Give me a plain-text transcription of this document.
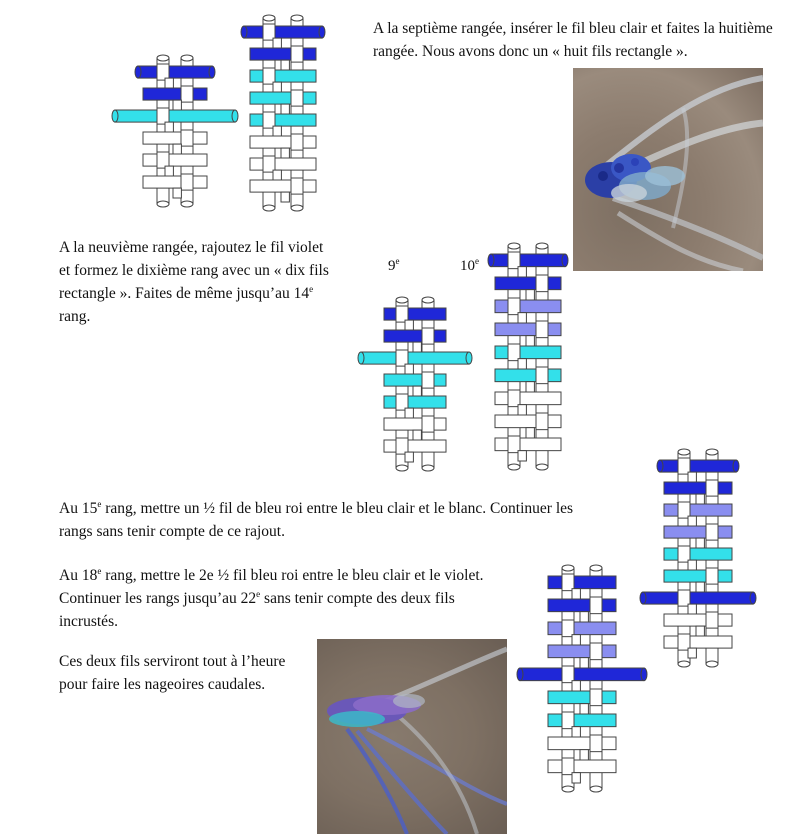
A la septième rangée, insérer le fil bleu clair et faites la huitième rangée. Nous avons donc un « huit fils rectangle ».

A la neuvième rangée, rajoutez le fil violet et formez le dixième rang avec un « dix fils rectangle ». Faites de même jusqu’au 14e rang.

Au 15e rang, mettre un ½ fil de bleu roi entre le bleu clair et le blanc. Continuer les rangs sans tenir compte de ce rajout.

Au 18e rang, mettre le 2e ½ fil bleu roi entre le bleu clair et le violet. Continuer les rangs jusqu’au 22e sans tenir compte des deux fils incrustés.

Ces deux fils serviront tout à l’heure pour faire les nageoires caudales.

9e	10e
